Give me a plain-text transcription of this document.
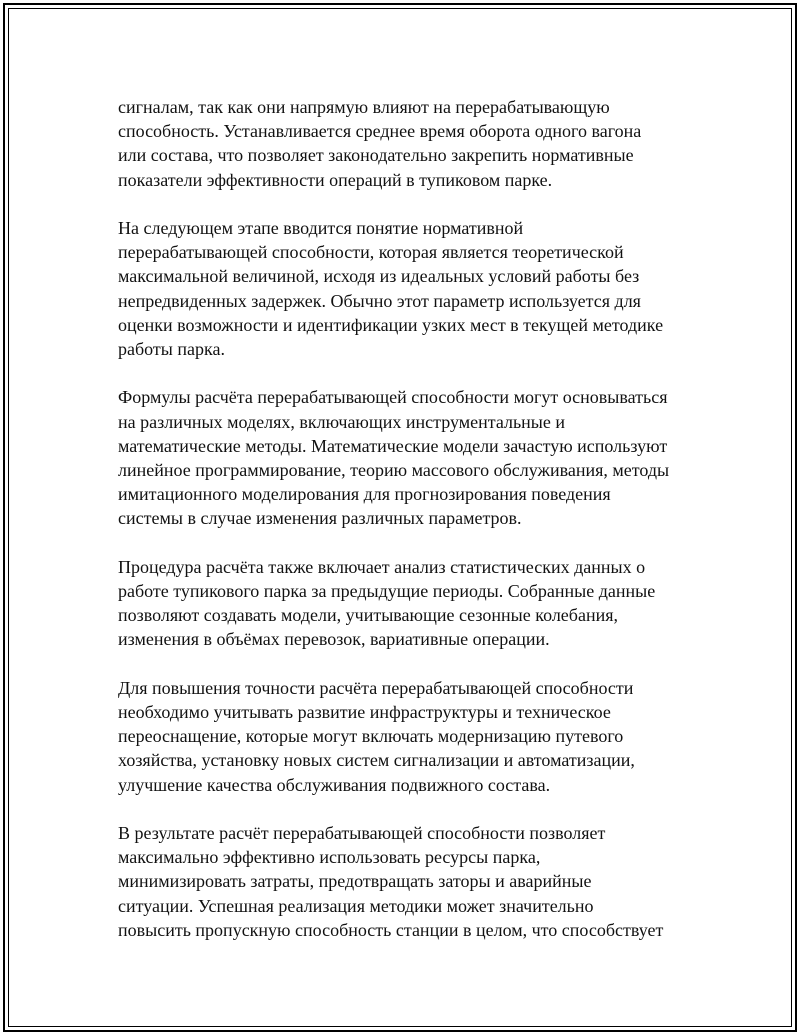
сигналам, так как они напрямую влияют на перерабатывающую
способность. Устанавливается среднее время оборота одного вагона
или состава, что позволяет законодательно закрепить нормативные
показатели эффективности операций в тупиковом парке.

На следующем этапе вводится понятие нормативной
перерабатывающей способности, которая является теоретической
максимальной величиной, исходя из идеальных условий работы без
непредвиденных задержек. Обычно этот параметр используется для
оценки возможности и идентификации узких мест в текущей методике
работы парка.

Формулы расчёта перерабатывающей способности могут основываться
на различных моделях, включающих инструментальные и
математические методы. Математические модели зачастую используют
линейное программирование, теорию массового обслуживания, методы
имитационного моделирования для прогнозирования поведения
системы в случае изменения различных параметров.

Процедура расчёта также включает анализ статистических данных о
работе тупикового парка за предыдущие периоды. Собранные данные
позволяют создавать модели, учитывающие сезонные колебания,
изменения в объёмах перевозок, вариативные операции.

Для повышения точности расчёта перерабатывающей способности
необходимо учитывать развитие инфраструктуры и техническое
переоснащение, которые могут включать модернизацию путевого
хозяйства, установку новых систем сигнализации и автоматизации,
улучшение качества обслуживания подвижного состава.

В результате расчёт перерабатывающей способности позволяет
максимально эффективно использовать ресурсы парка,
минимизировать затраты, предотвращать заторы и аварийные
ситуации. Успешная реализация методики может значительно
повысить пропускную способность станции в целом, что способствует
